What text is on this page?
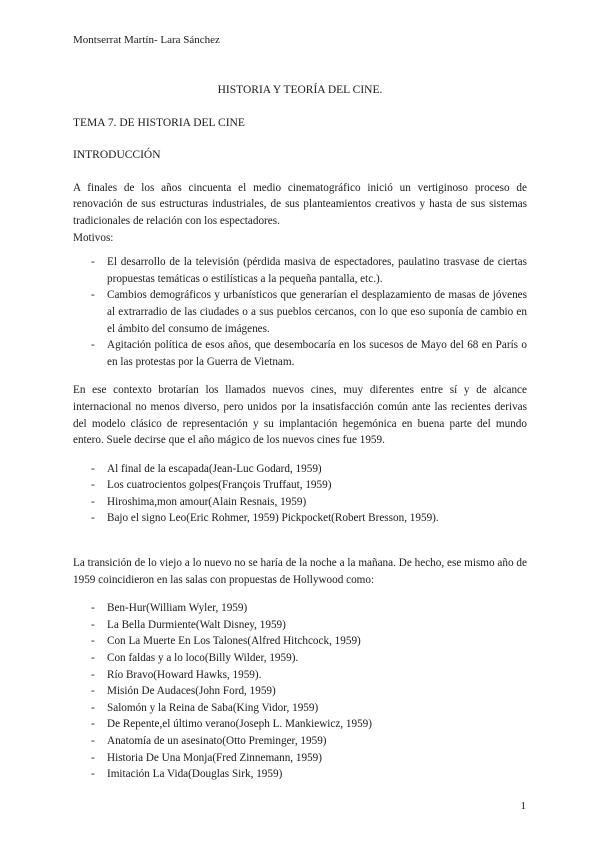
Montserrat Martín- Lara Sánchez
HISTORIA Y TEORÍA DEL CINE.
TEMA 7. DE HISTORIA DEL CINE
INTRODUCCIÓN

A finales de los años cincuenta el medio cinematográfico inició un vertiginoso proceso de renovación de sus estructuras industriales, de sus planteamientos creativos y hasta de sus sistemas tradicionales de relación con los espectadores.

Motivos:

- El desarrollo de la televisión (pérdida masiva de espectadores, paulatino trasvase de ciertas propuestas temáticas o estilísticas a la pequeña pantalla, etc.).
- Cambios demográficos y urbanísticos que generarían el desplazamiento de masas de jóvenes al extrarradio de las ciudades o a sus pueblos cercanos, con lo que eso suponía de cambio en el ámbito del consumo de imágenes.
- Agitación política de esos años, que desembocaría en los sucesos de Mayo del 68 en París o en las protestas por la Guerra de Vietnam.

En ese contexto brotarían los llamados nuevos cines, muy diferentes entre sí y de alcance internacional no menos diverso, pero unidos por la insatisfacción común ante las recientes derivas del modelo clásico de representación y su implantación hegemónica en buena parte del mundo entero. Suele decirse que el año mágico de los nuevos cines fue 1959.

- Al final de la escapada(Jean-Luc Godard, 1959)
- Los cuatrocientos golpes(François Truffaut, 1959)
- Hiroshima,mon amour(Alain Resnais, 1959)
- Bajo el signo Leo(Eric Rohmer, 1959) Pickpocket(Robert Bresson, 1959).

La transición de lo viejo a lo nuevo no se haría de la noche a la mañana. De hecho, ese mismo año de 1959 coincidieron en las salas con propuestas de Hollywood como:

- Ben-Hur(William Wyler, 1959)
- La Bella Durmiente(Walt Disney, 1959)
- Con La Muerte En Los Talones(Alfred Hitchcock, 1959)
- Con faldas y a lo loco(Billy Wilder, 1959).
- Río Bravo(Howard Hawks, 1959).
- Misión De Audaces(John Ford, 1959)
- Salomón y la Reina de Saba(King Vidor, 1959)
- De Repente,el último verano(Joseph L. Mankiewicz, 1959)
- Anatomía de un asesinato(Otto Preminger, 1959)
- Historia De Una Monja(Fred Zinnemann, 1959)
- Imitación La Vida(Douglas Sirk, 1959)
1
